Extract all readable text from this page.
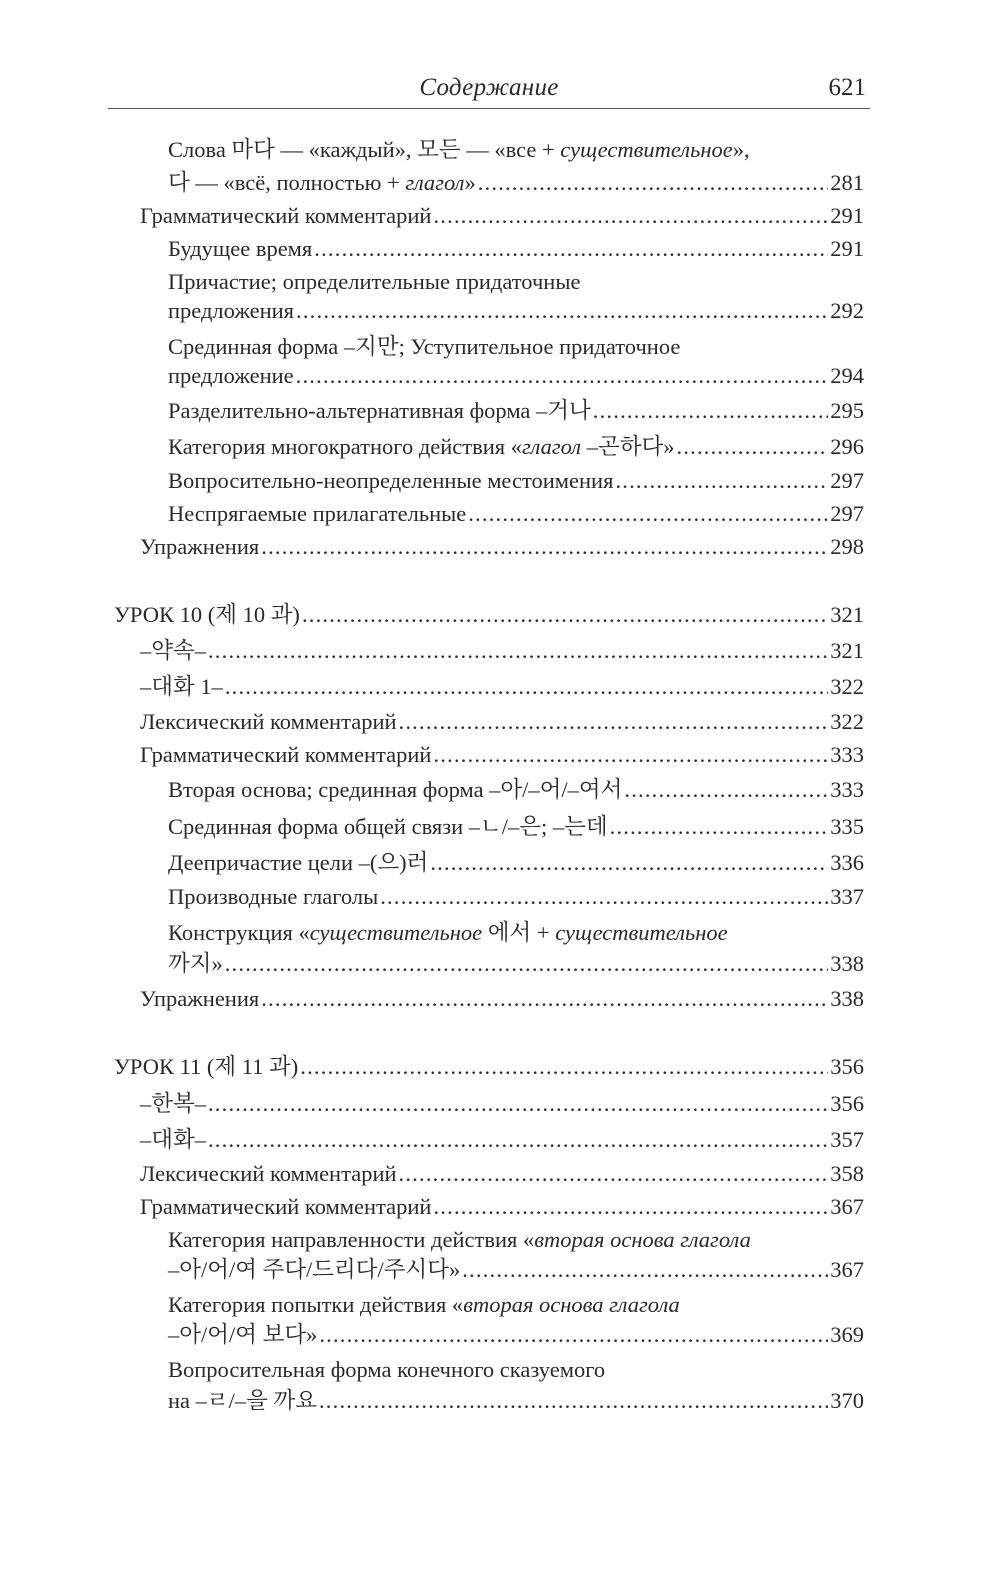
Содержание	621
Слова 마다 — «каждый», 모든 — «все + существительное»,
다 — «всё, полностью + глагол» .....	281
Грамматический комментарий .....	291
Будущее время .....	291
Причастие; определительные придаточные
предложения .....	292
Срединная форма –지만; Уступительное придаточное
предложение .....	294
Разделительно-альтернативная форма –거나 .....	295
Категория многократного действия «глагол –곤하다» .....	296
Вопросительно-неопределенные местоимения .....	297
Неспрягаемые прилагательные .....	297
Упражнения .....	298
УРОК 10 (제 10 과) .....	321
–약속– .....	321
–대화 1– .....	322
Лексический комментарий .....	322
Грамматический комментарий .....	333
Вторая основа; срединная форма –아/–어/–여서 .....	333
Срединная форма общей связи –ㄴ/–은; –는데 .....	335
Деепричастие цели –(으)러 .....	336
Производные глаголы .....	337
Конструкция «существительное 에서 + существительное
까지» .....	338
Упражнения .....	338
УРОК 11 (제 11 과) .....	356
–한복– .....	356
–대화– .....	357
Лексический комментарий .....	358
Грамматический комментарий .....	367
Категория направленности действия «вторая основа глагола
–아/어/여 주다/드리다/주시다» .....	367
Категория попытки действия «вторая основа глагола
–아/어/여 보다» .....	369
Вопросительная форма конечного сказуемого
на –ㄹ/–을 까요 .....	370
